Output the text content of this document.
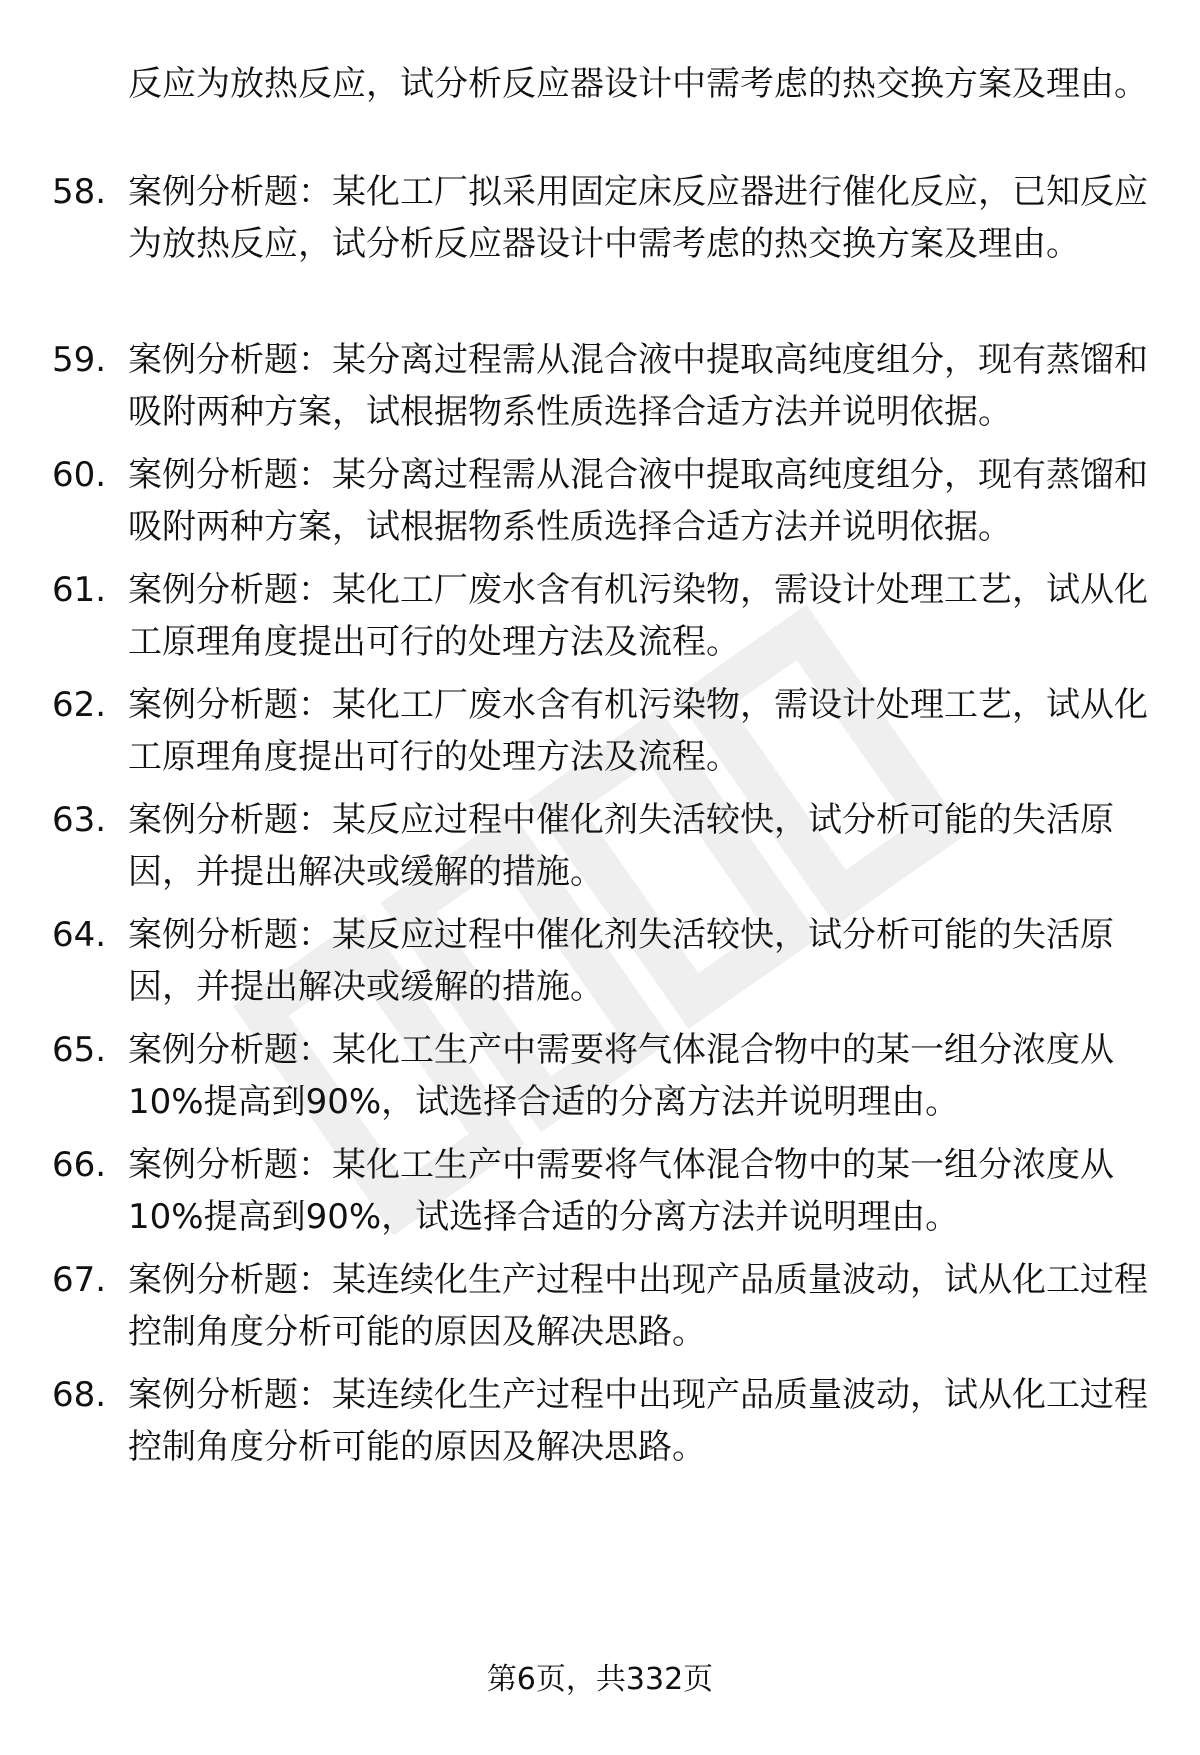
反应为放热反应，试分析反应器设计中需考虑的热交换方案及理由。
58. 案例分析题：某化工厂拟采用固定床反应器进行催化反应，已知反应为放热反应，试分析反应器设计中需考虑的热交换方案及理由。
59. 案例分析题：某分离过程需从混合液中提取高纯度组分，现有蒸馏和吸附两种方案，试根据物系性质选择合适方法并说明依据。
60. 案例分析题：某分离过程需从混合液中提取高纯度组分，现有蒸馏和吸附两种方案，试根据物系性质选择合适方法并说明依据。
61. 案例分析题：某化工厂废水含有机污染物，需设计处理工艺，试从化工原理角度提出可行的处理方法及流程。
62. 案例分析题：某化工厂废水含有机污染物，需设计处理工艺，试从化工原理角度提出可行的处理方法及流程。
63. 案例分析题：某反应过程中催化剂失活较快，试分析可能的失活原因，并提出解决或缓解的措施。
64. 案例分析题：某反应过程中催化剂失活较快，试分析可能的失活原因，并提出解决或缓解的措施。
65. 案例分析题：某化工生产中需要将气体混合物中的某一组分浓度从10%提高到90%，试选择合适的分离方法并说明理由。
66. 案例分析题：某化工生产中需要将气体混合物中的某一组分浓度从10%提高到90%，试选择合适的分离方法并说明理由。
67. 案例分析题：某连续化生产过程中出现产品质量波动，试从化工过程控制角度分析可能的原因及解决思路。
68. 案例分析题：某连续化生产过程中出现产品质量波动，试从化工过程控制角度分析可能的原因及解决思路。
第6页，共332页
